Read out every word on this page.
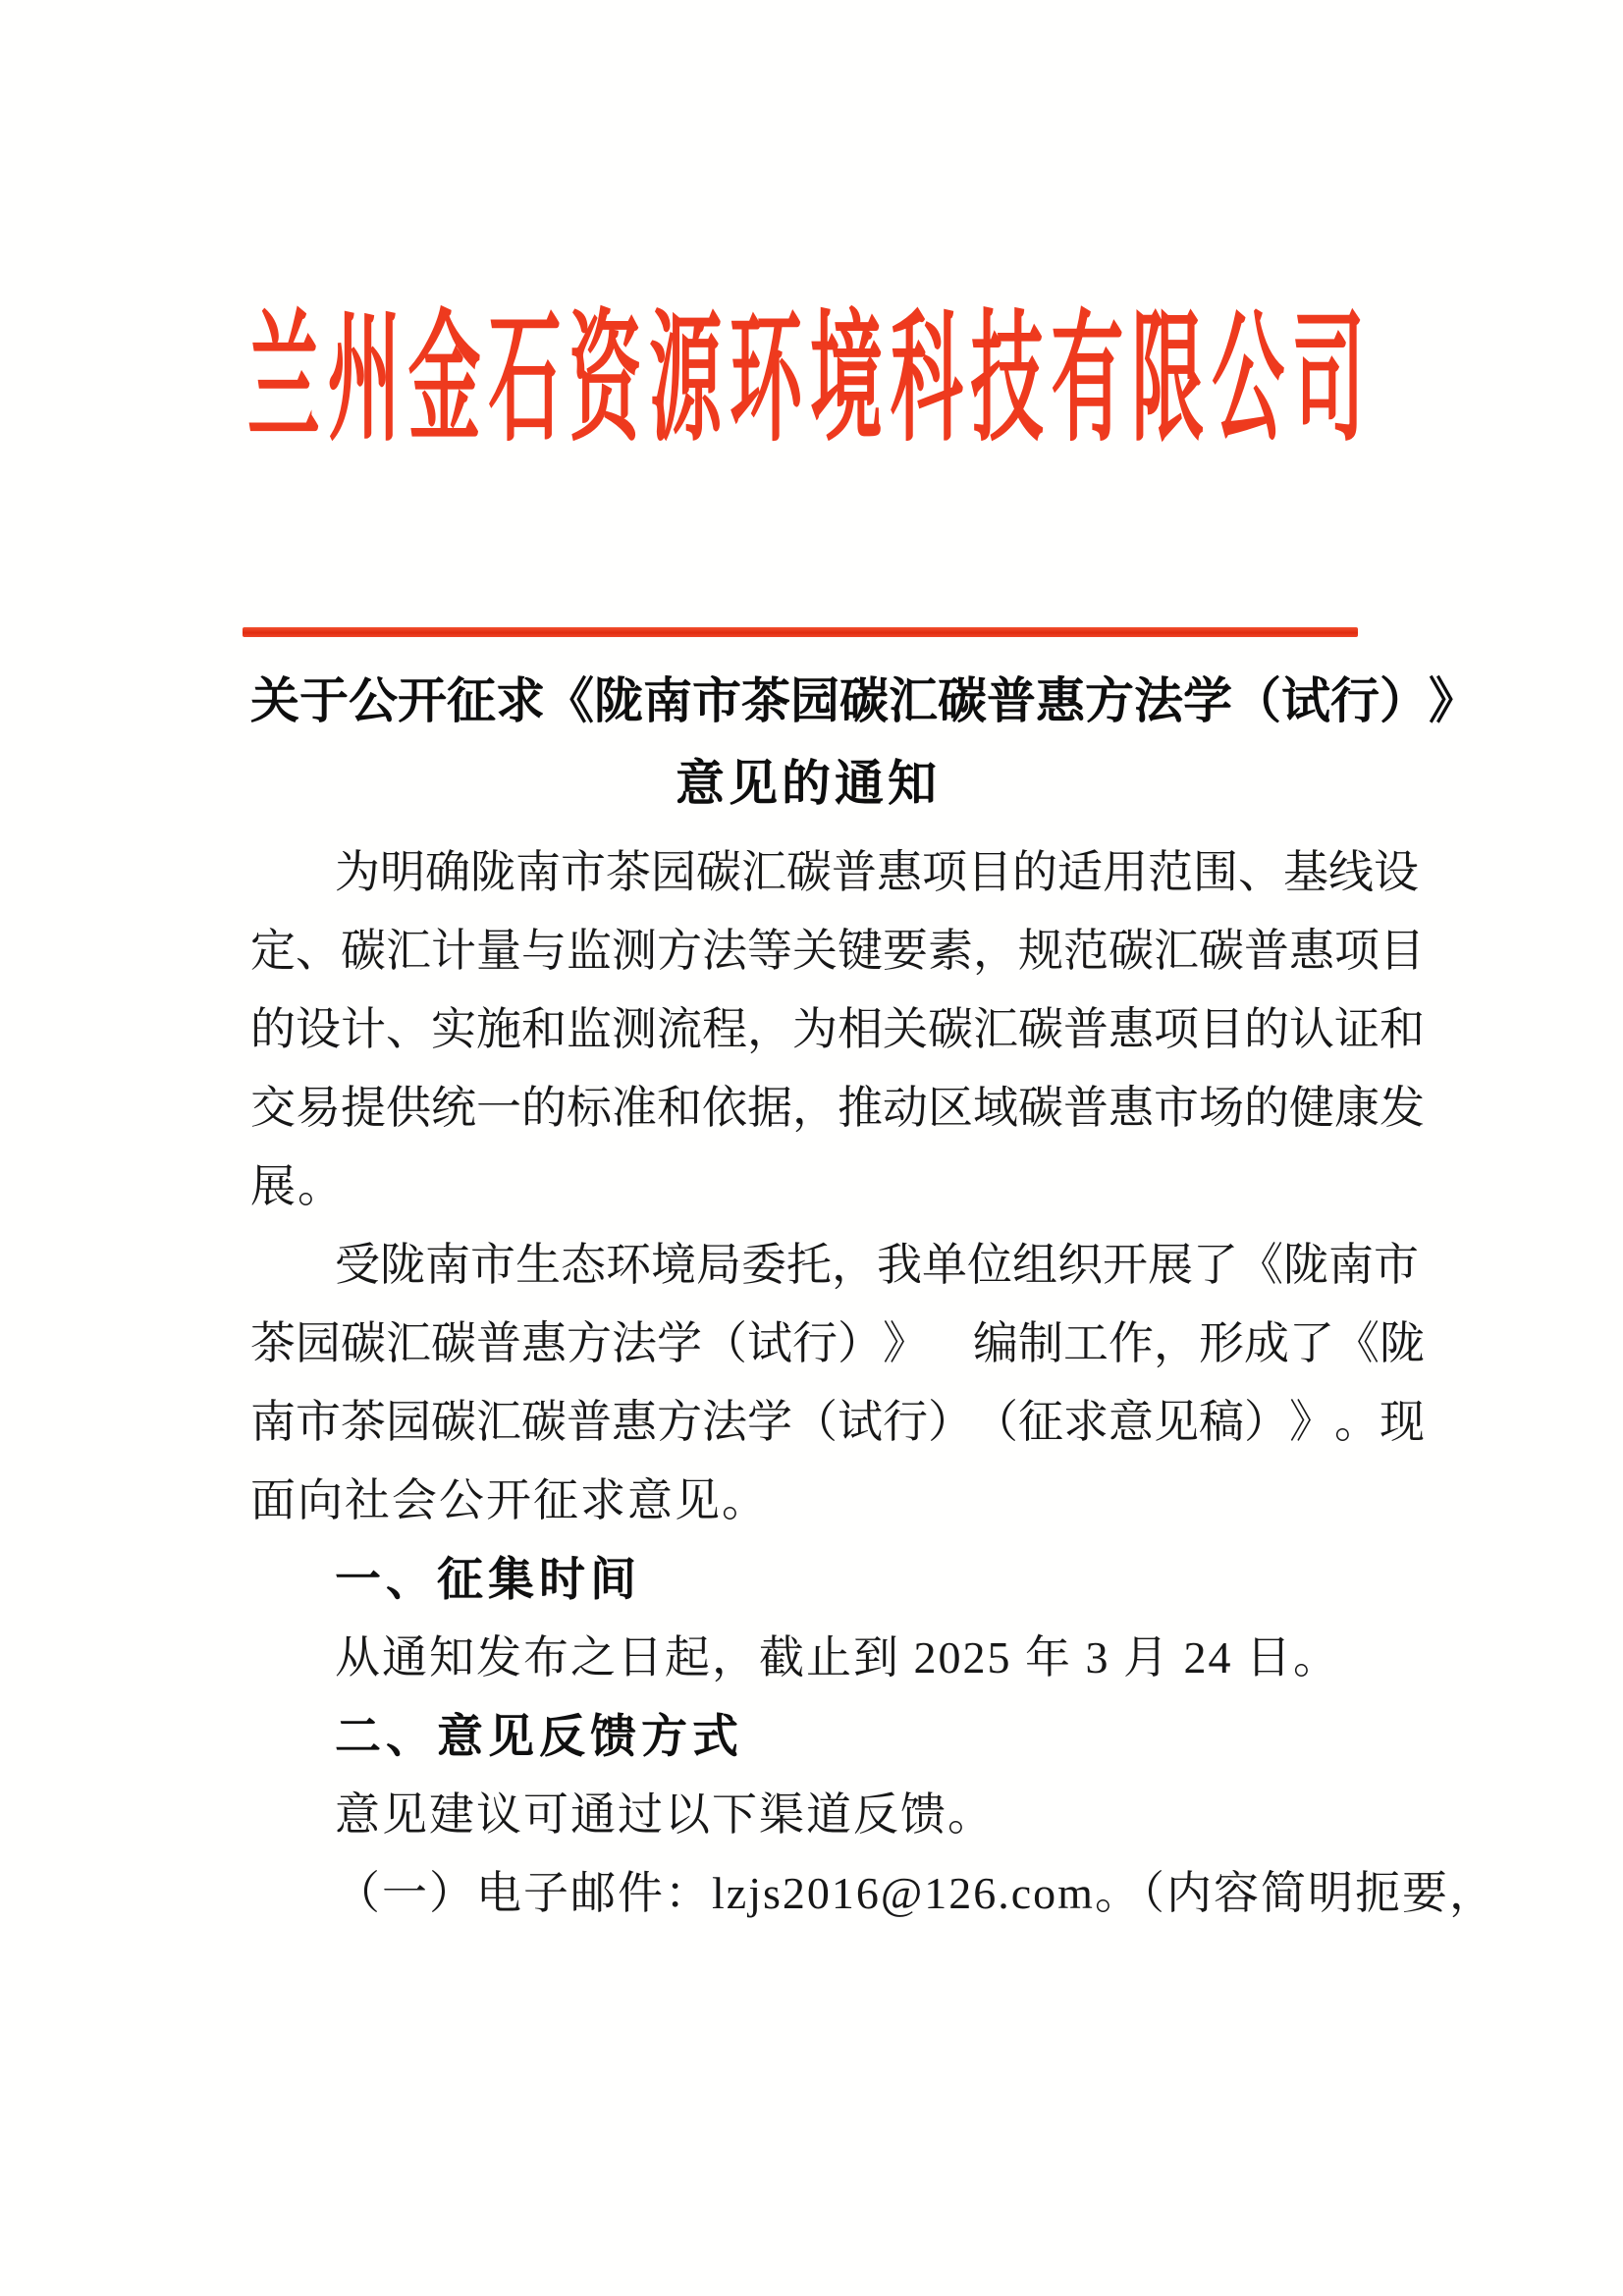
兰 州 金 石 资 源 环 境 科 技 有 限 公 司
关 于 公 开 征 求 《 陇 南 市 茶 园 碳 汇 碳 普 惠 方 法 学 （ 试 行 ） 》
意见的通知
为 明 确 陇 南 市 茶 园 碳 汇 碳 普 惠 项 目 的 适 用 范 围 、 基 线 设
定 、 碳 汇 计 量 与 监 测 方 法 等 关 键 要 素 ， 规 范 碳 汇 碳 普 惠 项 目
的 设 计 、 实 施 和 监 测 流 程 ， 为 相 关 碳 汇 碳 普 惠 项 目 的 认 证 和
交 易 提 供 统 一 的 标 准 和 依 据 ， 推 动 区 域 碳 普 惠 市 场 的 健 康 发
展。
受 陇 南 市 生 态 环 境 局 委 托 ， 我 单 位 组 织 开 展 了 《 陇 南 市
茶 园 碳 汇 碳 普 惠 方 法 学 （ 试 行 ） 》
　 编 制 工 作 ， 形 成 了 《 陇
南 市 茶 园 碳 汇 碳 普 惠 方 法 学 （ 试 行 ） （ 征 求 意 见 稿 ） 》 。 现
面向社会公开征求意见。
一、征集时间
从通知发布之日起，截止到 2025 年 3 月 24 日。
二、意见反馈方式
意见建议可通过以下渠道反馈。
（一）电子邮件：lzjs2016@126.com。（内容简明扼要，
